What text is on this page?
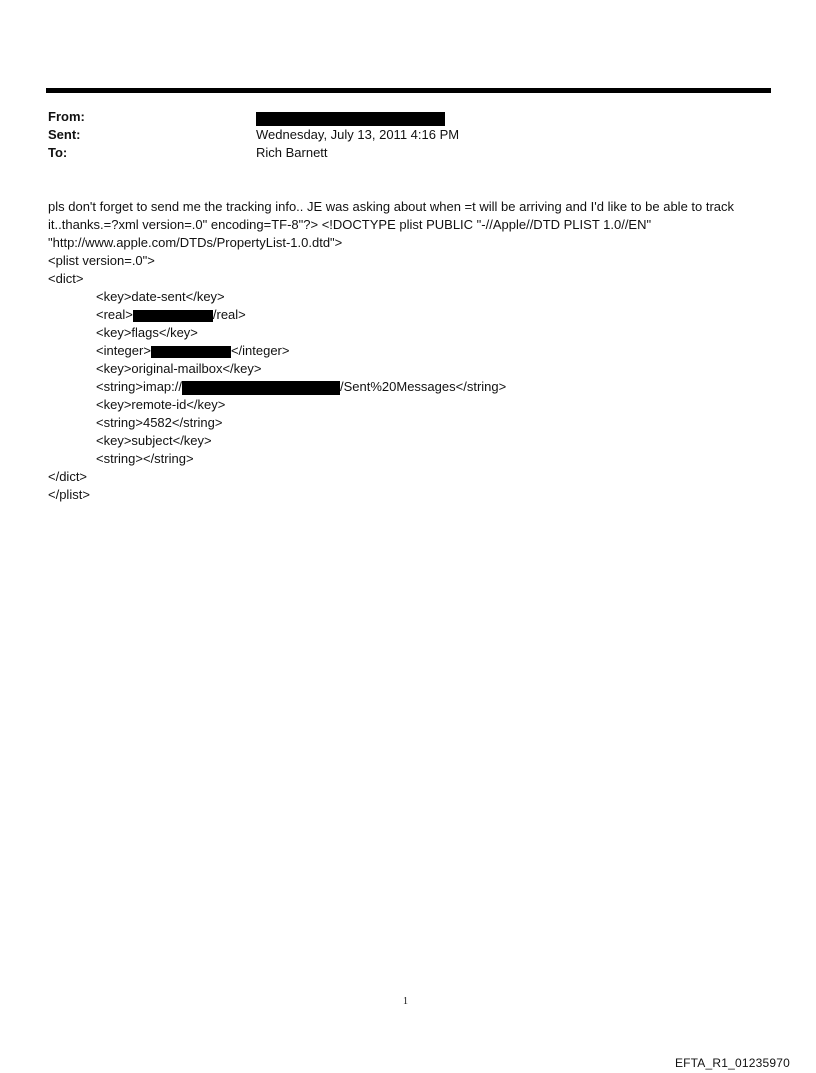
From:
Sent:	Wednesday, July 13, 2011 4:16 PM
To:	Rich Barnett
pls don't forget to send me the tracking info.. JE was asking about when =t will be arriving and I'd like to be able to track
it..thanks.=?xml version=.0" encoding=TF-8"?> <!DOCTYPE plist PUBLIC "-//Apple//DTD PLIST 1.0//EN"
"http://www.apple.com/DTDs/PropertyList-1.0.dtd">
<plist version=.0">
<dict>
<key>date-sent</key>
<real>	/real>
<key>flags</key>
<integer>	</integer>
<key>original-mailbox</key>
<string>imap://	/Sent%20Messages</string>
<key>remote-id</key>
<string>4582</string>
<key>subject</key>
<string></string>
</dict>
</plist>
1
EFTA_R1_01235970
